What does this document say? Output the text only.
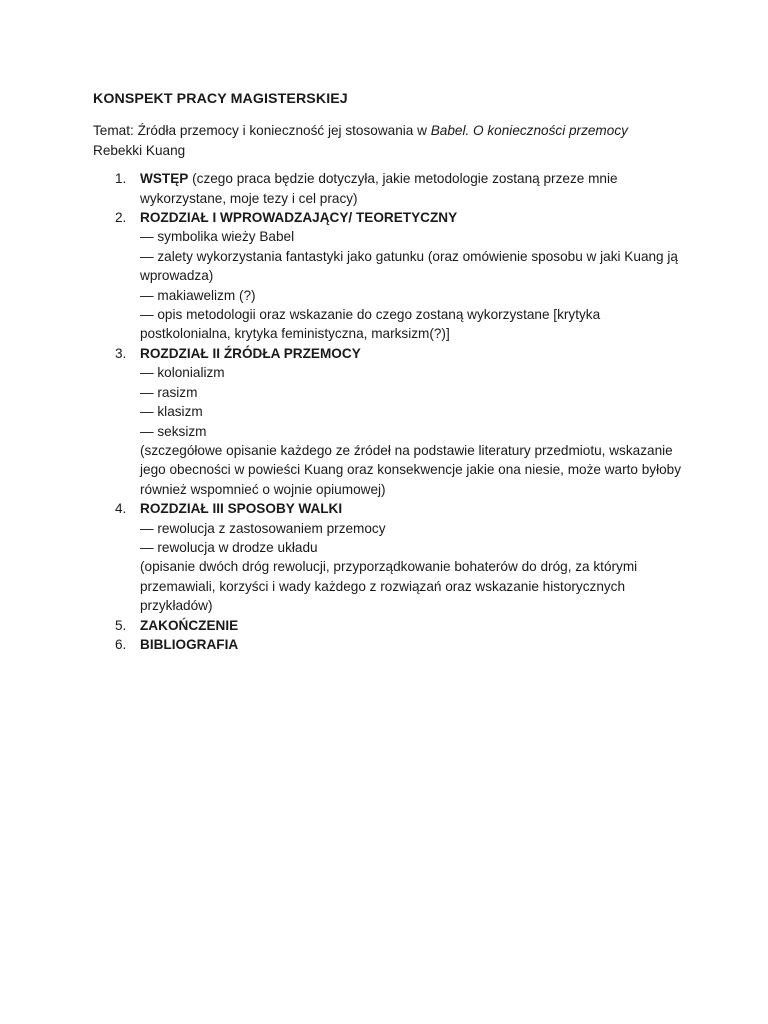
KONSPEKT PRACY MAGISTERSKIEJ
Temat: Źródła przemocy i konieczność jej stosowania w Babel. O konieczności przemocy
Rebekki Kuang
1. WSTĘP (czego praca będzie dotyczyła, jakie metodologie zostaną przeze mnie wykorzystane, moje tezy i cel pracy)
2. ROZDZIAŁ I WPROWADZAJĄCY/ TEORETYCZNY
— symbolika wieży Babel
— zalety wykorzystania fantastyki jako gatunku (oraz omówienie sposobu w jaki Kuang ją wprowadza)
— makiawelizm (?)
— opis metodologii oraz wskazanie do czego zostaną wykorzystane [krytyka postkolonialna, krytyka feministyczna, marksizm(?)]
3. ROZDZIAŁ II ŹRÓDŁA PRZEMOCY
— kolonializm
— rasizm
— klasizm
— seksizm
(szczegółowe opisanie każdego ze źródeł na podstawie literatury przedmiotu, wskazanie jego obecności w powieści Kuang oraz konsekwencje jakie ona niesie, może warto byłoby również wspomnieć o wojnie opiumowej)
4. ROZDZIAŁ III SPOSOBY WALKI
— rewolucja z zastosowaniem przemocy
— rewolucja w drodze układu
(opisanie dwóch dróg rewolucji, przyporządkowanie bohaterów do dróg, za którymi przemawiali, korzyści i wady każdego z rozwiązań oraz wskazanie historycznych przykładów)
5. ZAKOŃCZENIE
6. BIBLIOGRAFIA
